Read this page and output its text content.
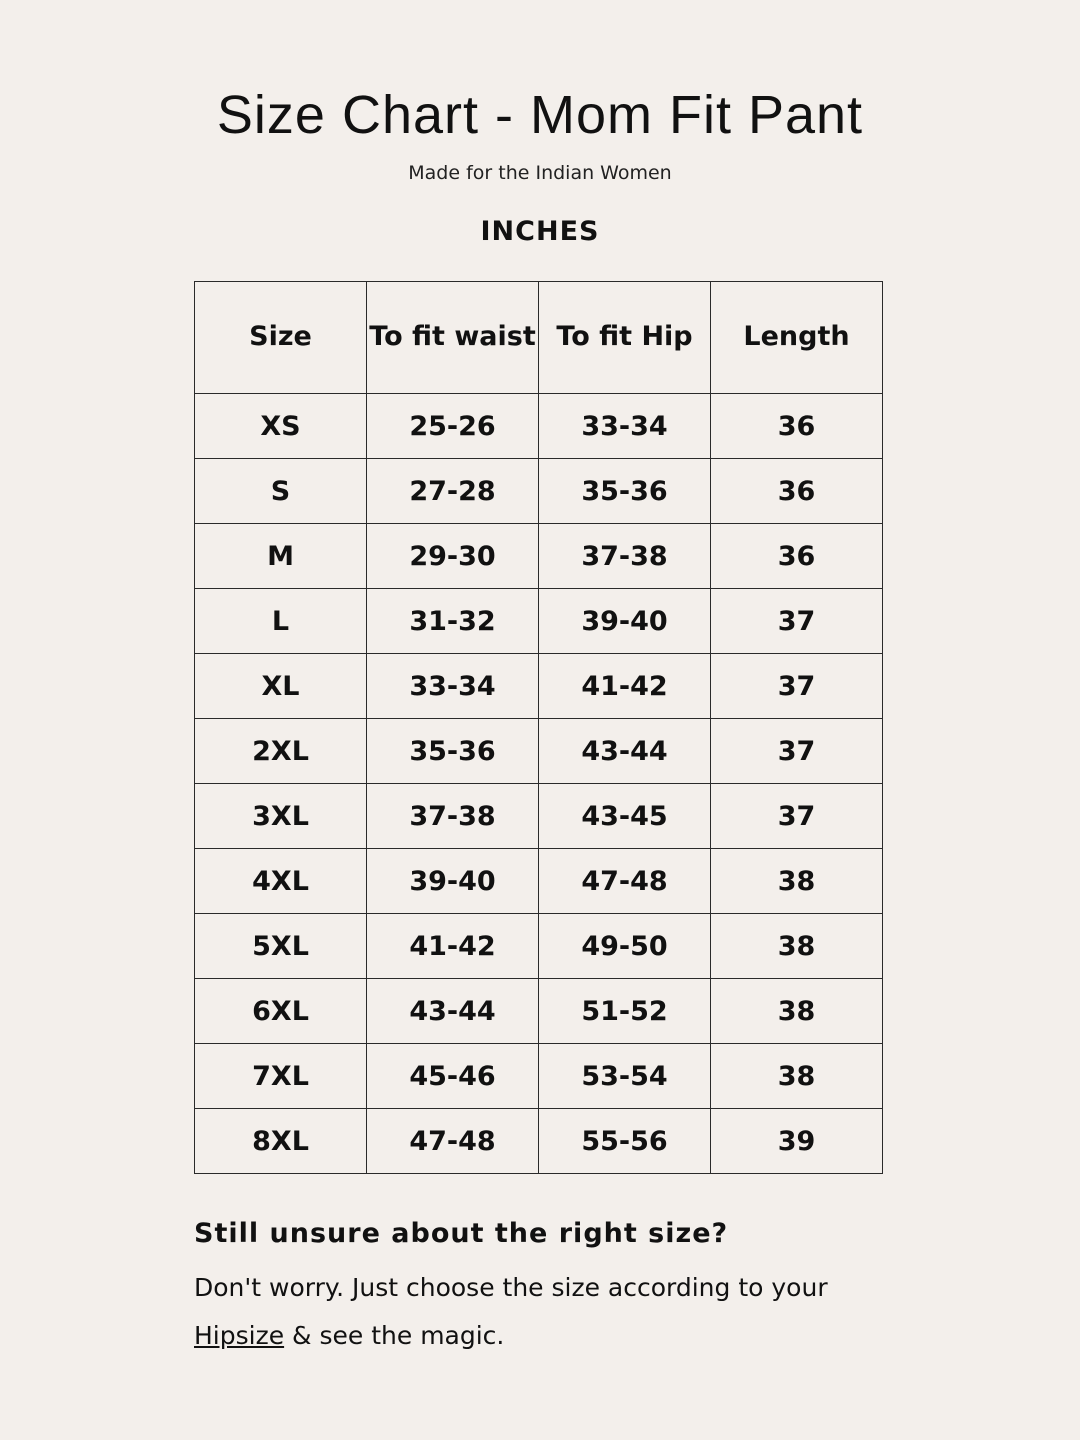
Size Chart - Mom Fit Pant
Made for the Indian Women
INCHES
Size	To fit waist	To fit Hip	Length
XS	25-26	33-34	36
S	27-28	35-36	36
M	29-30	37-38	36
L	31-32	39-40	37
XL	33-34	41-42	37
2XL	35-36	43-44	37
3XL	37-38	43-45	37
4XL	39-40	47-48	38
5XL	41-42	49-50	38
6XL	43-44	51-52	38
7XL	45-46	53-54	38
8XL	47-48	55-56	39
Still unsure about the right size?
Don't worry. Just choose the size according to your Hipsize & see the magic.
